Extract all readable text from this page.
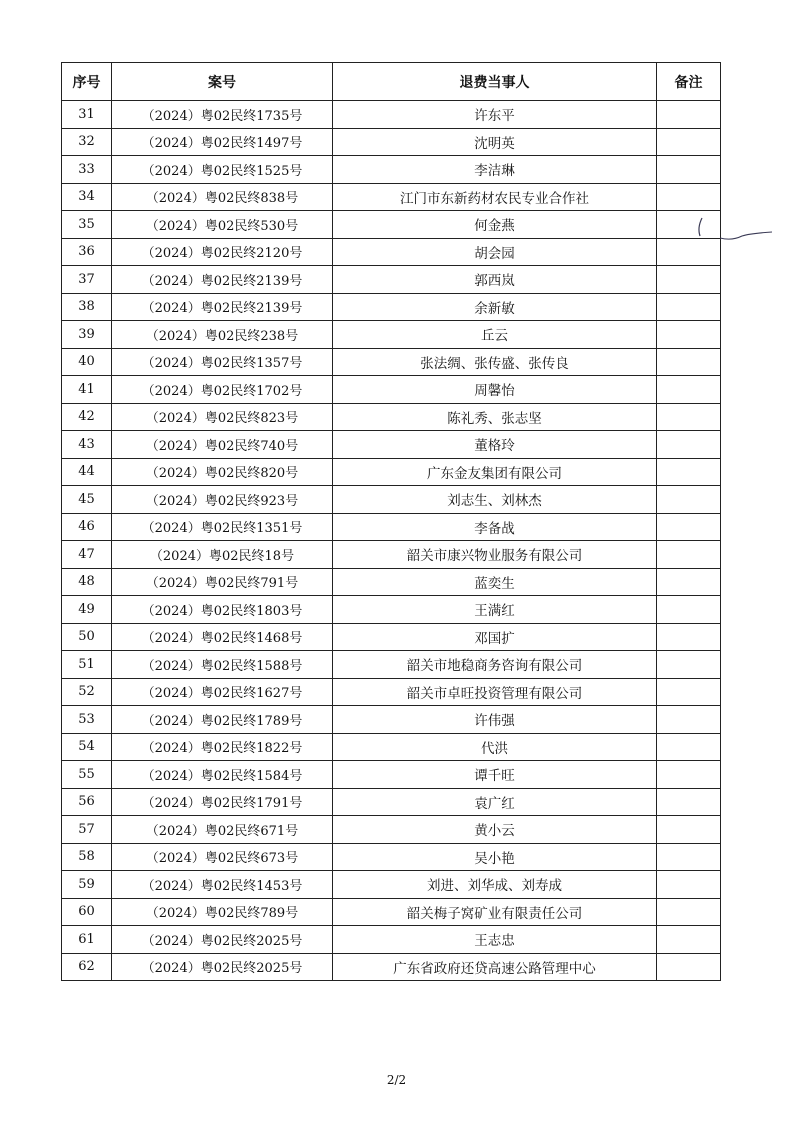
序号	案号	退费当事人	备注
31	（2024）粤02民终1735号	许东平	
32	（2024）粤02民终1497号	沈明英	
33	（2024）粤02民终1525号	李洁琳	
34	（2024）粤02民终838号	江门市东新药材农民专业合作社	
35	（2024）粤02民终530号	何金燕	
36	（2024）粤02民终2120号	胡会园	
37	（2024）粤02民终2139号	郭西岚	
38	（2024）粤02民终2139号	余新敏	
39	（2024）粤02民终238号	丘云	
40	（2024）粤02民终1357号	张法绸、张传盛、张传良	
41	（2024）粤02民终1702号	周馨怡	
42	（2024）粤02民终823号	陈礼秀、张志坚	
43	（2024）粤02民终740号	董格玲	
44	（2024）粤02民终820号	广东金友集团有限公司	
45	（2024）粤02民终923号	刘志生、刘林杰	
46	（2024）粤02民终1351号	李备战	
47	（2024）粤02民终18号	韶关市康兴物业服务有限公司	
48	（2024）粤02民终791号	蓝奕生	
49	（2024）粤02民终1803号	王满红	
50	（2024）粤02民终1468号	邓国扩	
51	（2024）粤02民终1588号	韶关市地稳商务咨询有限公司	
52	（2024）粤02民终1627号	韶关市卓旺投资管理有限公司	
53	（2024）粤02民终1789号	许伟强	
54	（2024）粤02民终1822号	代洪	
55	（2024）粤02民终1584号	谭千旺	
56	（2024）粤02民终1791号	袁广红	
57	（2024）粤02民终671号	黄小云	
58	（2024）粤02民终673号	吴小艳	
59	（2024）粤02民终1453号	刘进、刘华成、刘寿成	
60	（2024）粤02民终789号	韶关梅子窝矿业有限责任公司	
61	（2024）粤02民终2025号	王志忠	
62	（2024）粤02民终2025号	广东省政府还贷高速公路管理中心	
2/2
